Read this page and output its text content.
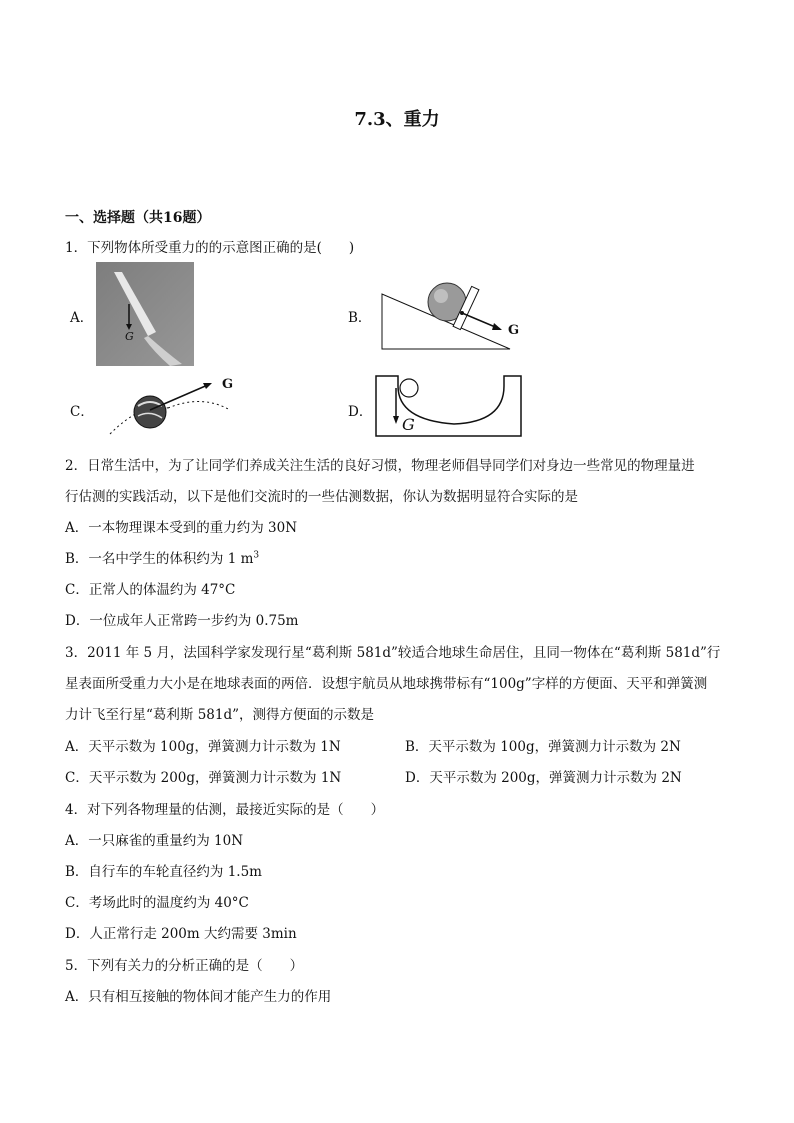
7.3、重力
一、选择题（共16题）
1．下列物体所受重力的的示意图正确的是(　　)
A．
G
B．
G
C．
G
D．
G
2．日常生活中，为了让同学们养成关注生活的良好习惯，物理老师倡导同学们对身边一些常见的物理量进
行估测的实践活动，以下是他们交流时的一些估测数据，你认为数据明显符合实际的是
A．一本物理课本受到的重力约为 30N
B．一名中学生的体积约为 1 $m^3$
C．正常人的体温约为 47°C
D．一位成年人正常跨一步约为 0.75m
3．2011 年 5 月，法国科学家发现行星“葛利斯 581d”较适合地球生命居住，且同一物体在“葛利斯 581d”行
星表面所受重力大小是在地球表面的两倍．设想宇航员从地球携带标有“100g”字样的方便面、天平和弹簧测
力计飞至行星“葛利斯 581d”，测得方便面的示数是
A．天平示数为 100g，弹簧测力计示数为 1N	B．天平示数为 100g，弹簧测力计示数为 2N
C．天平示数为 200g，弹簧测力计示数为 1N	D．天平示数为 200g，弹簧测力计示数为 2N
4．对下列各物理量的估测，最接近实际的是（　　）
A．一只麻雀的重量约为 10N
B．自行车的车轮直径约为 1.5m
C．考场此时的温度约为 40°C
D．人正常行走 200m 大约需要 3min
5．下列有关力的分析正确的是（　　）
A．只有相互接触的物体间才能产生力的作用
